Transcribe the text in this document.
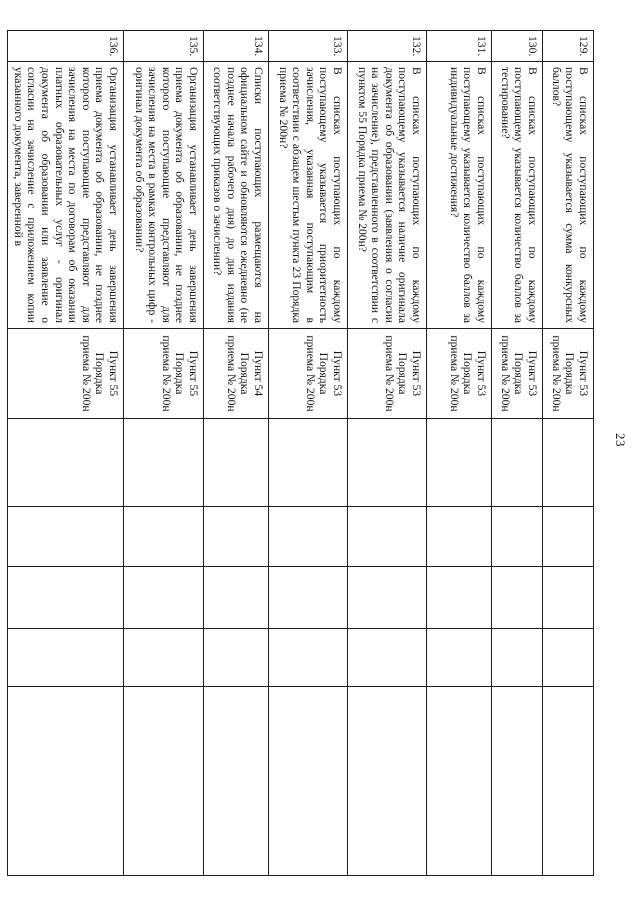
23
129.	В списках поступающих по каждому поступающему указывается сумма конкурсных баллов?	Пункт 53 Порядка приема № 200н					
130.	В списках поступающих по каждому поступающему указывается количество баллов за тестирование?	Пункт 53 Порядка приема № 200н					
131.	В списках поступающих по каждому поступающему указывается количество баллов за индивидуальные достижения?	Пункт 53 Порядка приема № 200н					
132.	В списках поступающих по каждому поступающему указывается наличие оригинала документа об образовании (заявления о согласии на зачисление), представленного в соответствии с пунктом 55 Порядка приема № 200н?	Пункт 53 Порядка приема № 200н					
133.	В списках поступающих по каждому поступающему указывается приоритетность зачисления, указанная поступающим в соответствии с абзацем шестым пункта 23 Порядка приема № 200н?	Пункт 53 Порядка приема № 200н					
134.	Списки поступающих размещаются на официальном сайте и обновляются ежедневно (не позднее начала рабочего дня) до дня издания соответствующих приказов о зачислении?	Пункт 54 Порядка приема № 200н					
135.	Организация устанавливает день завершения приема документа об образовании, не позднее которого поступающие представляют для зачисления на места в рамках контрольных цифр - оригинал документа об образовании?	Пункт 55 Порядка приема № 200н					
136.	Организация устанавливает день завершения приема документа об образовании, не позднее которого поступающие представляют для зачисления на места по договорам об оказании платных образовательных услуг - оригинал документа об образовании или заявление о согласии на зачисление с приложением копии указанного документа, заверенной в	Пункт 55 Порядка приема № 200н					
